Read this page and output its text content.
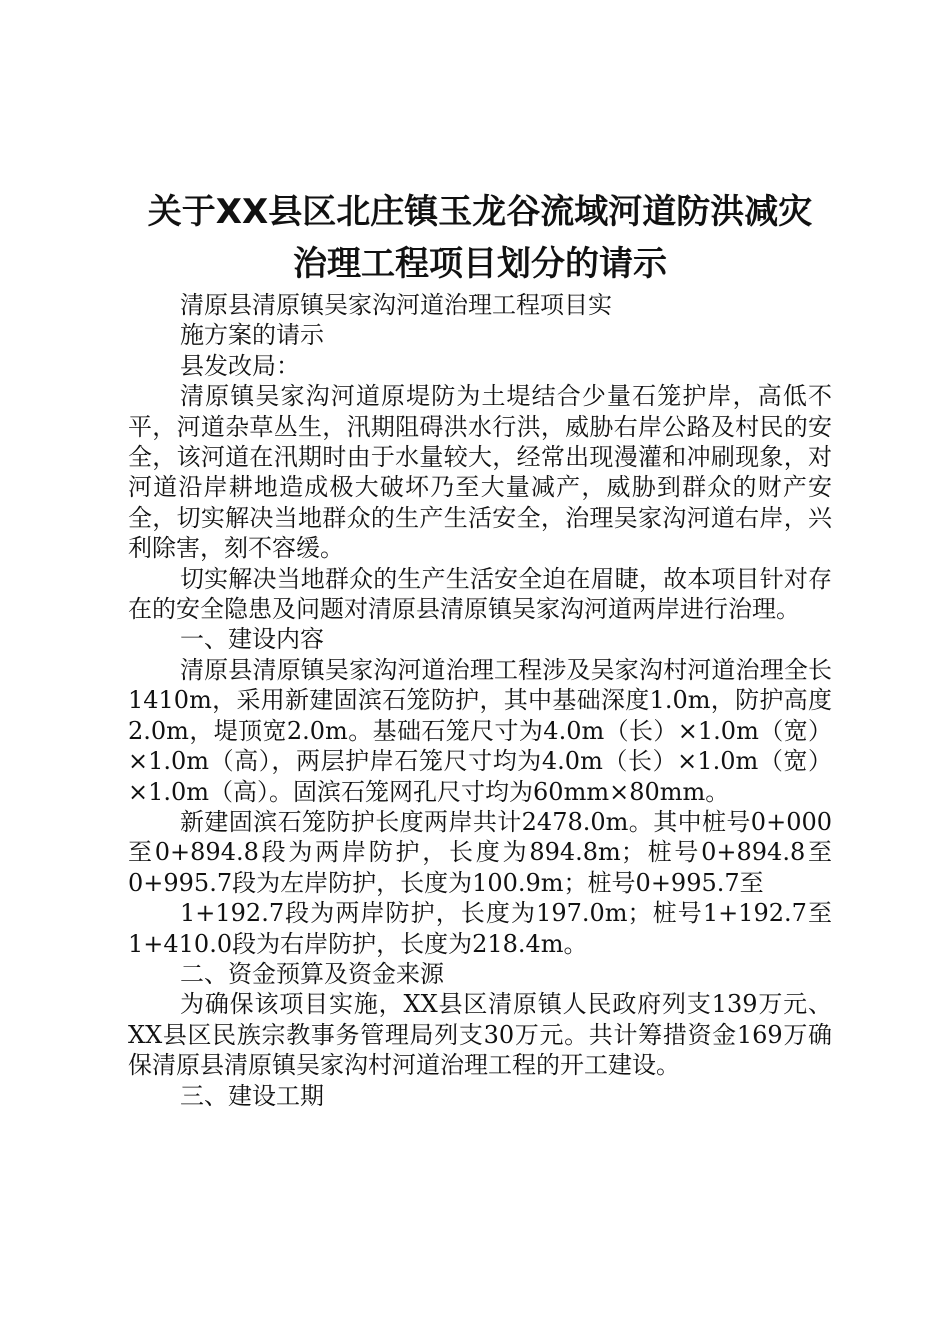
关于XX县区北庄镇玉龙谷流域河道防洪减灾
治理工程项目划分的请示

清原县清原镇吴家沟河道治理工程项目实

施方案的请示

县发改局：

清原镇吴家沟河道原堤防为土堤结合少量石笼护岸，高低不平，河道杂草丛生，汛期阻碍洪水行洪，威胁右岸公路及村民的安全，该河道在汛期时由于水量较大，经常出现漫灌和冲刷现象，对河道沿岸耕地造成极大破坏乃至大量减产，威胁到群众的财产安全，切实解决当地群众的生产生活安全，治理吴家沟河道右岸，兴利除害，刻不容缓。

切实解决当地群众的生产生活安全迫在眉睫，故本项目针对存在的安全隐患及问题对清原县清原镇吴家沟河道两岸进行治理。

一、建设内容

清原县清原镇吴家沟河道治理工程涉及吴家沟村河道治理全长1410m，采用新建固滨石笼防护，其中基础深度1.0m，防护高度2.0m，堤顶宽2.0m。基础石笼尺寸为4.0m（长）×1.0m（宽）×1.0m（高），两层护岸石笼尺寸均为4.0m（长）×1.0m（宽）×1.0m（高）。固滨石笼网孔尺寸均为60mm×80mm。

新建固滨石笼防护长度两岸共计2478.0m。其中桩号0+000至0+894.8段为两岸防护，长度为894.8m；桩号0+894.8至0+995.7段为左岸防护，长度为100.9m；桩号0+995.7至

1+192.7段为两岸防护，长度为197.0m；桩号1+192.7至1+410.0段为右岸防护，长度为218.4m。

二、资金预算及资金来源

为确保该项目实施，XX县区清原镇人民政府列支139万元、XX县区民族宗教事务管理局列支30万元。共计筹措资金169万确保清原县清原镇吴家沟村河道治理工程的开工建设。

三、建设工期
